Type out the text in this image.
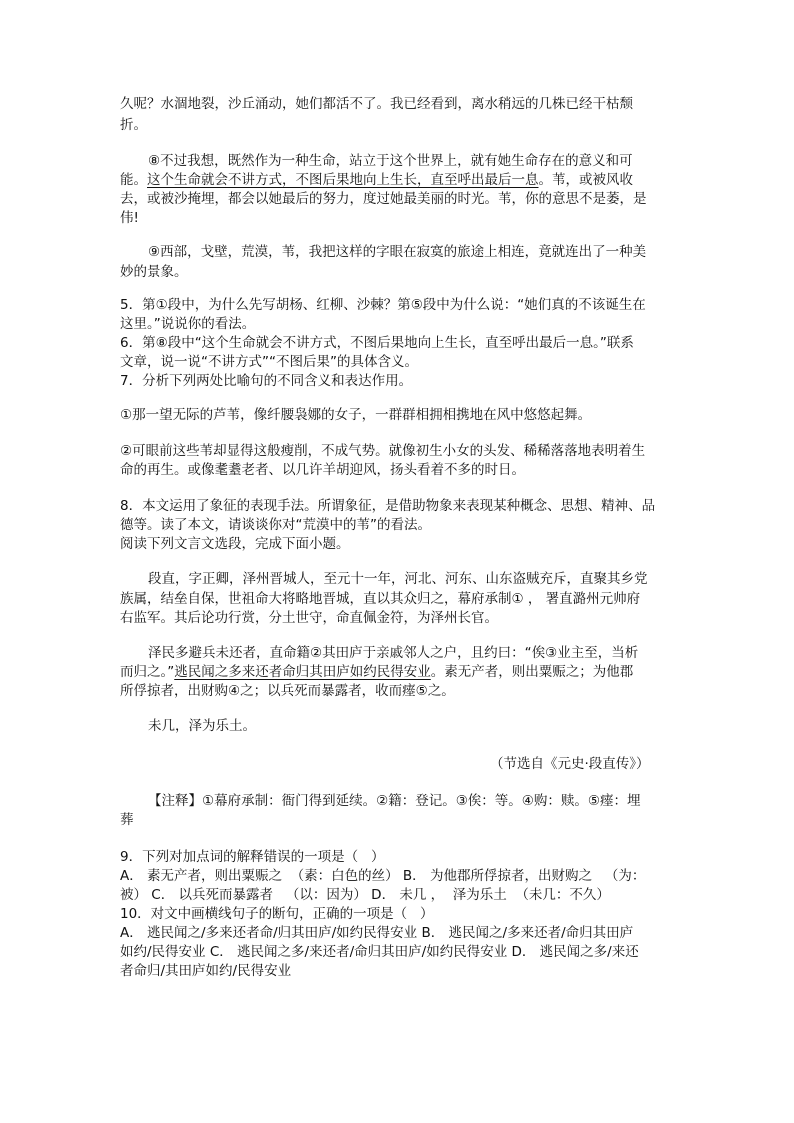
久呢？水涸地裂，沙丘涌动，她们都活不了。我已经看到，离水稍远的几株已经干枯颓
折。
⑧不过我想，既然作为一种生命，站立于这个世界上，就有她生命存在的意义和可
能。这个生命就会不讲方式，不图后果地向上生长，直至呼出最后一息。苇，或被风收
去，或被沙掩埋，都会以她最后的努力，度过她最美丽的时光。苇，你的意思不是萎，是
伟!
⑨西部，戈壁，荒漠，苇，我把这样的字眼在寂寞的旅途上相连，竟就连出了一种美
妙的景象。
5．第①段中，为什么先写胡杨、红柳、沙棘？第⑤段中为什么说：“她们真的不该诞生在
这里。”说说你的看法。
6．第⑧段中“这个生命就会不讲方式，不图后果地向上生长，直至呼出最后一息。”联系
文章，说一说“不讲方式”“不图后果”的具体含义。
7．分析下列两处比喻句的不同含义和表达作用。
①那一望无际的芦苇，像纤腰袅娜的女子，一群群相拥相携地在风中悠悠起舞。
②可眼前这些苇却显得这般瘦削，不成气势。就像初生小女的头发、稀稀落落地表明着生
命的再生。或像耄耋老者、以几许羊胡迎风，扬头看着不多的时日。
8．本文运用了象征的表现手法。所谓象征，是借助物象来表现某种概念、思想、精神、品
德等。读了本文，请谈谈你对“荒漠中的苇”的看法。
阅读下列文言文选段，完成下面小题。
段直，字正卿，泽州晋城人，至元十一年，河北、河东、山东盗贼充斥，直聚其乡党
族属，结垒自保，世祖命大将略地晋城，直以其众归之，幕府承制① ， 署直潞州元帅府
右监军。其后论功行赏，分土世守，命直佩金符，为泽州长官。
泽民多避兵未还者，直命籍②其田庐于亲戚邻人之户，且约曰：“俟③业主至，当析
而归之。”逃民闻之多来还者命归其田庐如约民得安业。素无产者，则出粟赈之；为他郡
所俘掠者，出财购④之；以兵死而暴露者，收而瘗⑤之。
未几，泽为乐土。
（节选自《元史·段直传》）
【注释】①幕府承制：衙门得到延续。②籍：登记。③俟：等。④购：赎。⑤瘗：埋
葬
9．下列对加点词的解释错误的一项是（   ）
A． 素无产者，则出粟赈之  （素：白色的丝） B． 为他郡所俘掠者，出财购之   （为：
被） C． 以兵死而暴露者   （以：因为） D． 未几 ，  泽为乐土  （未几：不久）
10．对文中画横线句子的断句，正确的一项是（   ）
A． 逃民闻之/多来还者命/归其田庐/如约民得安业 B． 逃民闻之/多来还者/命归其田庐
如约/民得安业 C． 逃民闻之多/来还者/命归其田庐/如约民得安业 D． 逃民闻之多/来还
者命归/其田庐如约/民得安业
